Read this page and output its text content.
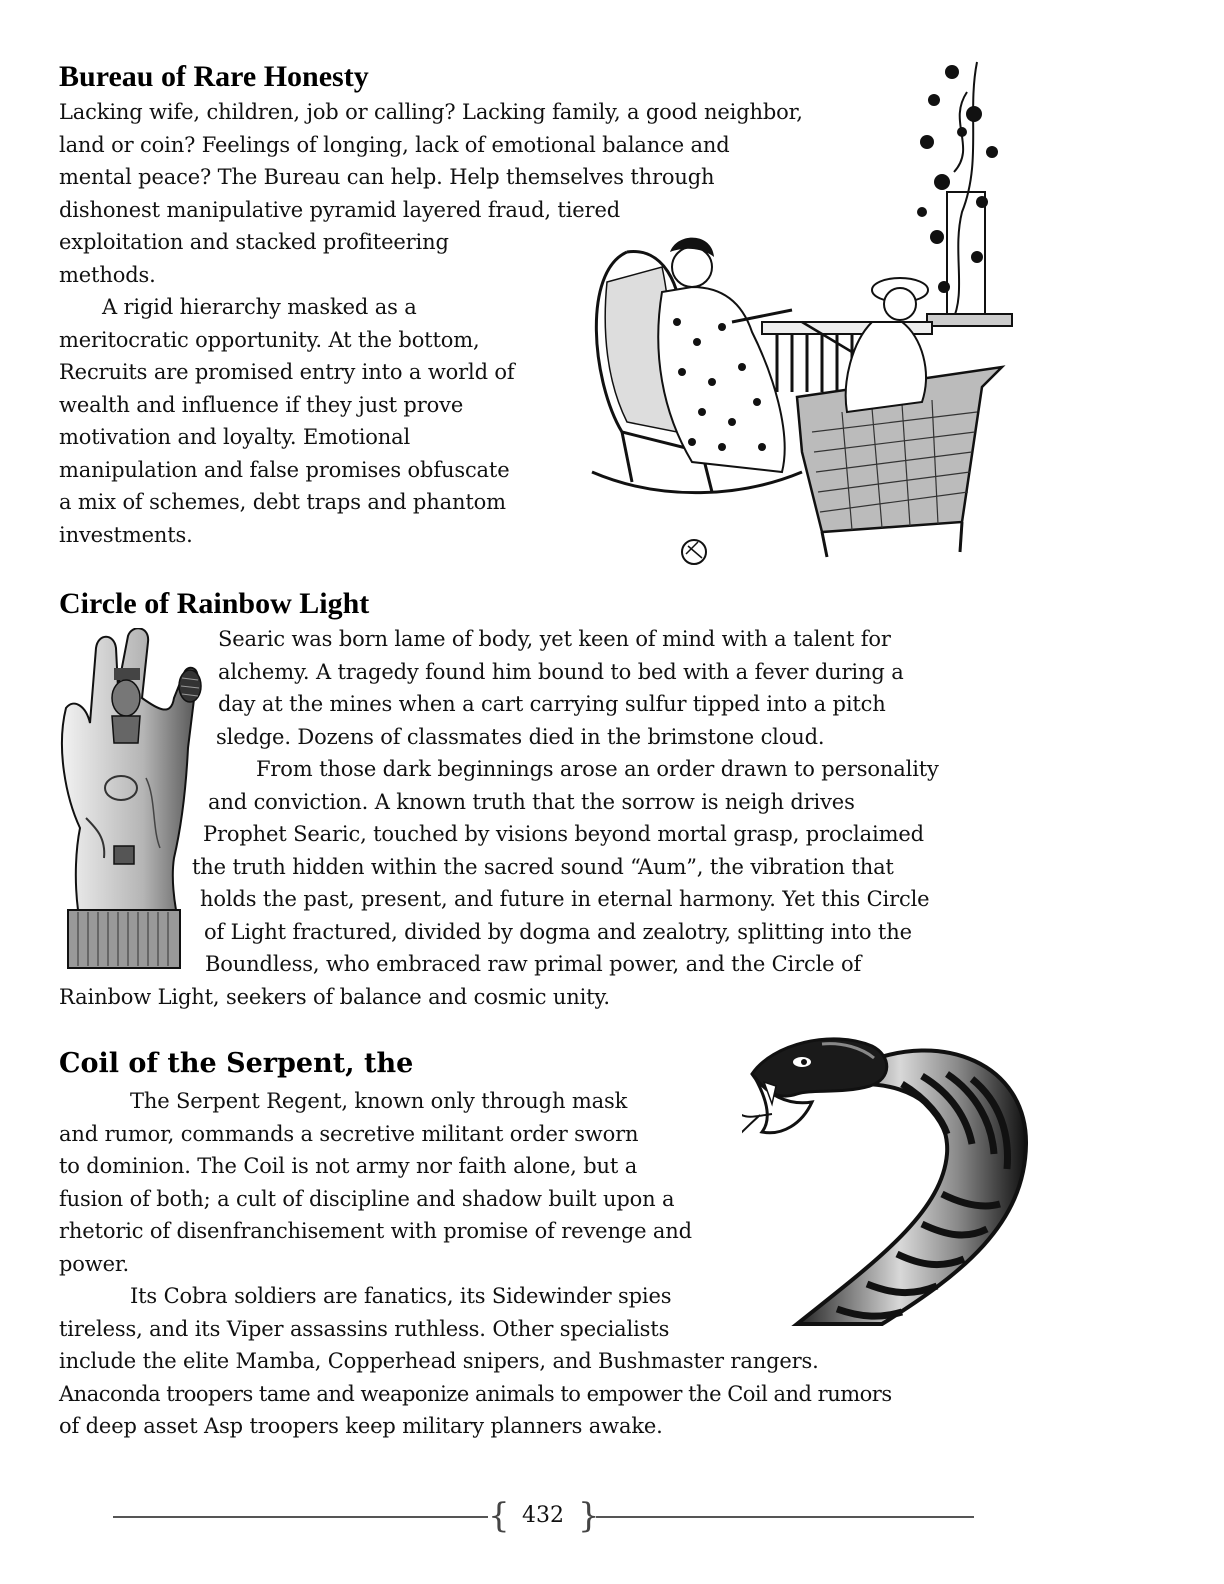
Bureau of Rare Honesty
Lacking wife, children, job or calling? Lacking family, a good neighbor,
land or coin? Feelings of longing, lack of emotional balance and
mental peace? The Bureau can help. Help themselves through
dishonest manipulative pyramid layered fraud, tiered
exploitation and stacked profiteering
methods.
A rigid hierarchy masked as a
meritocratic opportunity. At the bottom,
Recruits are promised entry into a world of
wealth and influence if they just prove
motivation and loyalty. Emotional
manipulation and false promises obfuscate
a mix of schemes, debt traps and phantom
investments.
Circle of Rainbow Light
Searic was born lame of body, yet keen of mind with a talent for
alchemy. A tragedy found him bound to bed with a fever during a
day at the mines when a cart carrying sulfur tipped into a pitch
sledge. Dozens of classmates died in the brimstone cloud.
From those dark beginnings arose an order drawn to personality
and conviction. A known truth that the sorrow is neigh drives
Prophet Searic, touched by visions beyond mortal grasp, proclaimed
the truth hidden within the sacred sound “Aum”, the vibration that
holds the past, present, and future in eternal harmony. Yet this Circle
of Light fractured, divided by dogma and zealotry, splitting into the
Boundless, who embraced raw primal power, and the Circle of
Rainbow Light, seekers of balance and cosmic unity.
Coil of the Serpent, the
The Serpent Regent, known only through mask
and rumor, commands a secretive militant order sworn
to dominion. The Coil is not army nor faith alone, but a
fusion of both; a cult of discipline and shadow built upon a
rhetoric of disenfranchisement with promise of revenge and
power.
Its Cobra soldiers are fanatics, its Sidewinder spies
tireless, and its Viper assassins ruthless. Other specialists
include the elite Mamba, Copperhead snipers, and Bushmaster rangers.
Anaconda troopers tame and weaponize animals to empower the Coil and rumors
of deep asset Asp troopers keep military planners awake.
{ }
432
